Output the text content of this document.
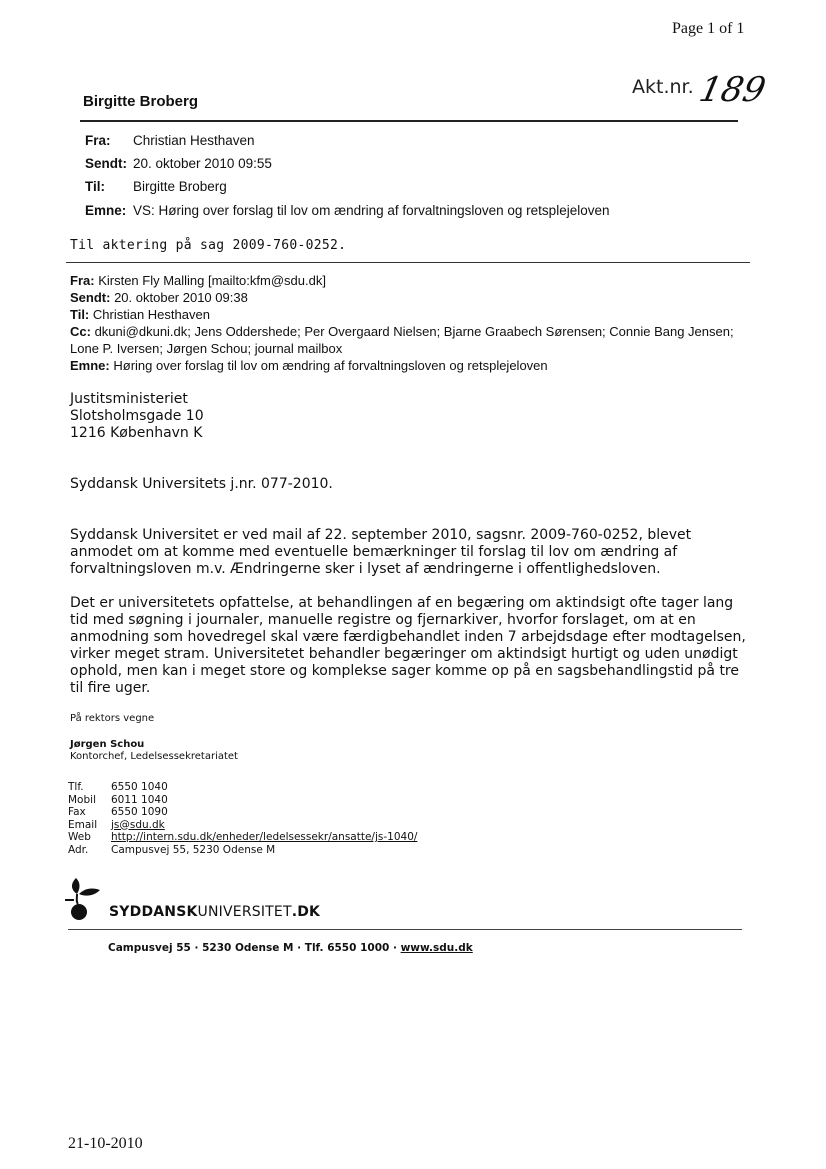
Page 1 of 1
Akt.nr. 189
Birgitte Broberg
Fra: Christian Hesthaven
Sendt: 20. oktober 2010 09:55
Til: Birgitte Broberg
Emne: VS: Høring over forslag til lov om ændring af forvaltningsloven og retsplejeloven
Til aktering på sag 2009-760-0252.
Fra: Kirsten Fly Malling [mailto:kfm@sdu.dk]
Sendt: 20. oktober 2010 09:38
Til: Christian Hesthaven
Cc: dkuni@dkuni.dk; Jens Oddershede; Per Overgaard Nielsen; Bjarne Graabech Sørensen; Connie Bang Jensen; Lone P. Iversen; Jørgen Schou; journal mailbox
Emne: Høring over forslag til lov om ændring af forvaltningsloven og retsplejeloven
Justitsministeriet
Slotsholmsgade 10
1216 København K
Syddansk Universitets j.nr. 077-2010.
Syddansk Universitet er ved mail af 22. september 2010, sagsnr. 2009-760-0252, blevet anmodet om at komme med eventuelle bemærkninger til forslag til lov om ændring af forvaltningsloven m.v. Ændringerne sker i lyset af ændringerne i offentlighedsloven.
Det er universitetets opfattelse, at behandlingen af en begæring om aktindsigt ofte tager lang tid med søgning i journaler, manuelle registre og fjernarkiver, hvorfor forslaget, om at en anmodning som hovedregel skal være færdigbehandlet inden 7 arbejdsdage efter modtagelsen, virker meget stram. Universitetet behandler begæringer om aktindsigt hurtigt og uden unødigt ophold, men kan i meget store og komplekse sager komme op på en sagsbehandlingstid på tre til fire uger.
På rektors vegne
Jørgen Schou
Kontorchef, Ledelsessekretariatet
Tlf.	6550 1040
Mobil 6011 1040
Fax 6550 1090
Email js@sdu.dk
Web http://intern.sdu.dk/enheder/ledelsessekr/ansatte/js-1040/
Adr. Campusvej 55, 5230 Odense M
SYDDANSKUNIVERSITET.DK
Campusvej 55 · 5230 Odense M · Tlf. 6550 1000 · www.sdu.dk
21-10-2010
